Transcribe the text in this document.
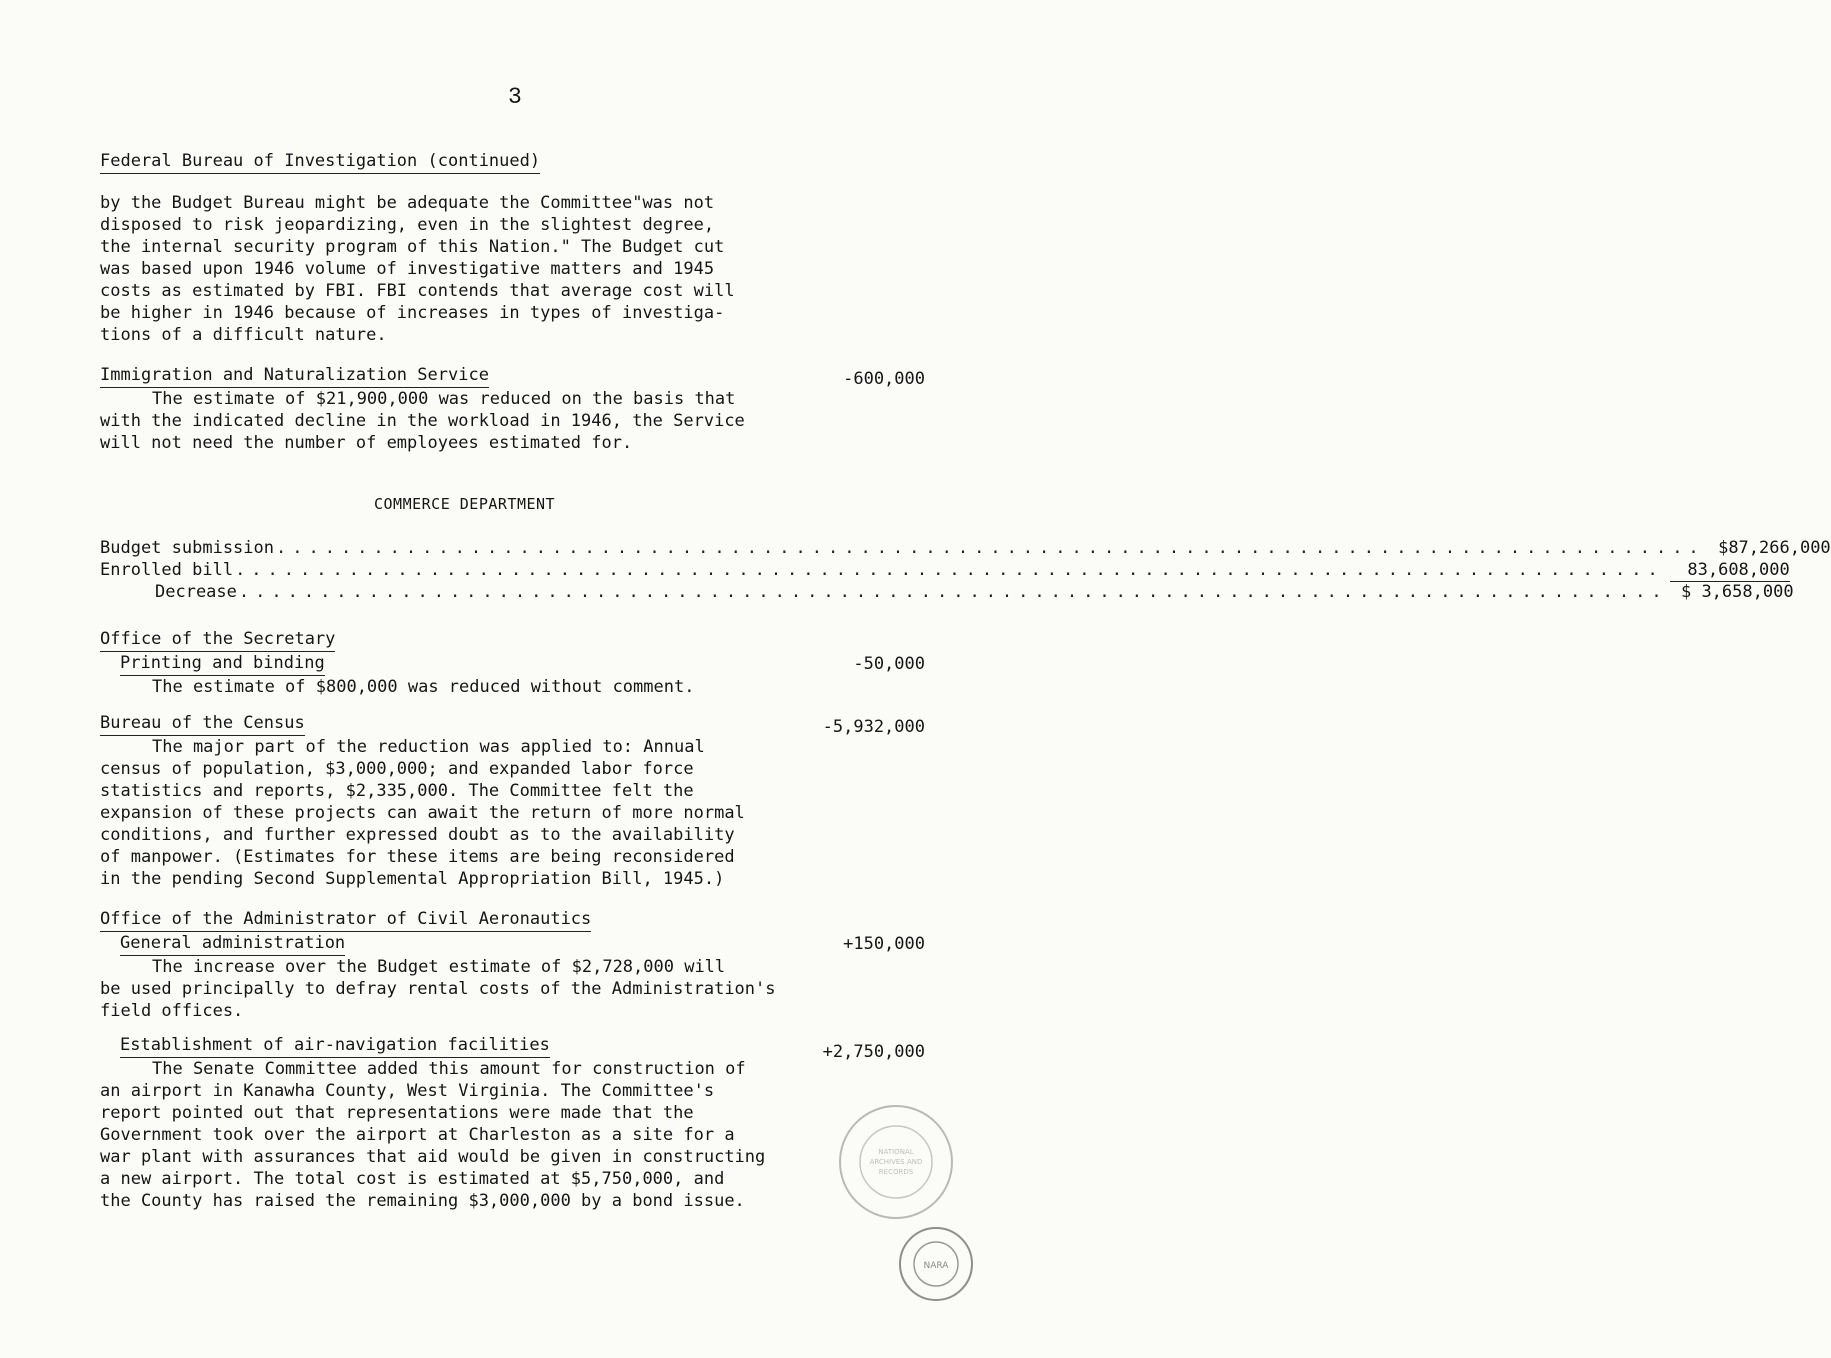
3
Federal Bureau of Investigation (continued)

by the Budget Bureau might be adequate the Committee"was not
disposed to risk jeopardizing, even in the slightest degree,
the internal security program of this Nation." The Budget cut
was based upon 1946 volume of investigative matters and 1945
costs as estimated by FBI. FBI contends that average cost will
be higher in 1946 because of increases in types of investiga-
tions of a difficult nature.

Immigration and Naturalization Service

The estimate of $21,900,000 was reduced on the basis that
with the indicated decline in the workload in 1946, the Service
will not need the number of employees estimated for.

-600,000
COMMERCE DEPARTMENT
Budget submission ........................................................................................ $87,266,000
Enrolled bill ........................................................................................	83,608,000
Decrease ........................................................................................ $ 3,658,000
Office of the Secretary
Printing and binding

The estimate of $800,000 was reduced without comment.

-50,000
Bureau of the Census

The major part of the reduction was applied to: Annual
census of population, $3,000,000; and expanded labor force
statistics and reports, $2,335,000. The Committee felt the
expansion of these projects can await the return of more normal
conditions, and further expressed doubt as to the availability
of manpower. (Estimates for these items are being reconsidered
in the pending Second Supplemental Appropriation Bill, 1945.)

-5,932,000
Office of the Administrator of Civil Aeronautics
General administration

The increase over the Budget estimate of $2,728,000 will
be used principally to defray rental costs of the Administration's
field offices.

+150,000
Establishment of air-navigation facilities

The Senate Committee added this amount for construction of
an airport in Kanawha County, West Virginia. The Committee's
report pointed out that representations were made that the
Government took over the airport at Charleston as a site for a
war plant with assurances that aid would be given in constructing
a new airport. The total cost is estimated at $5,750,000, and
the County has raised the remaining $3,000,000 by a bond issue.

+2,750,000
NATIONAL
ARCHIVES AND
RECORDS
NARA
